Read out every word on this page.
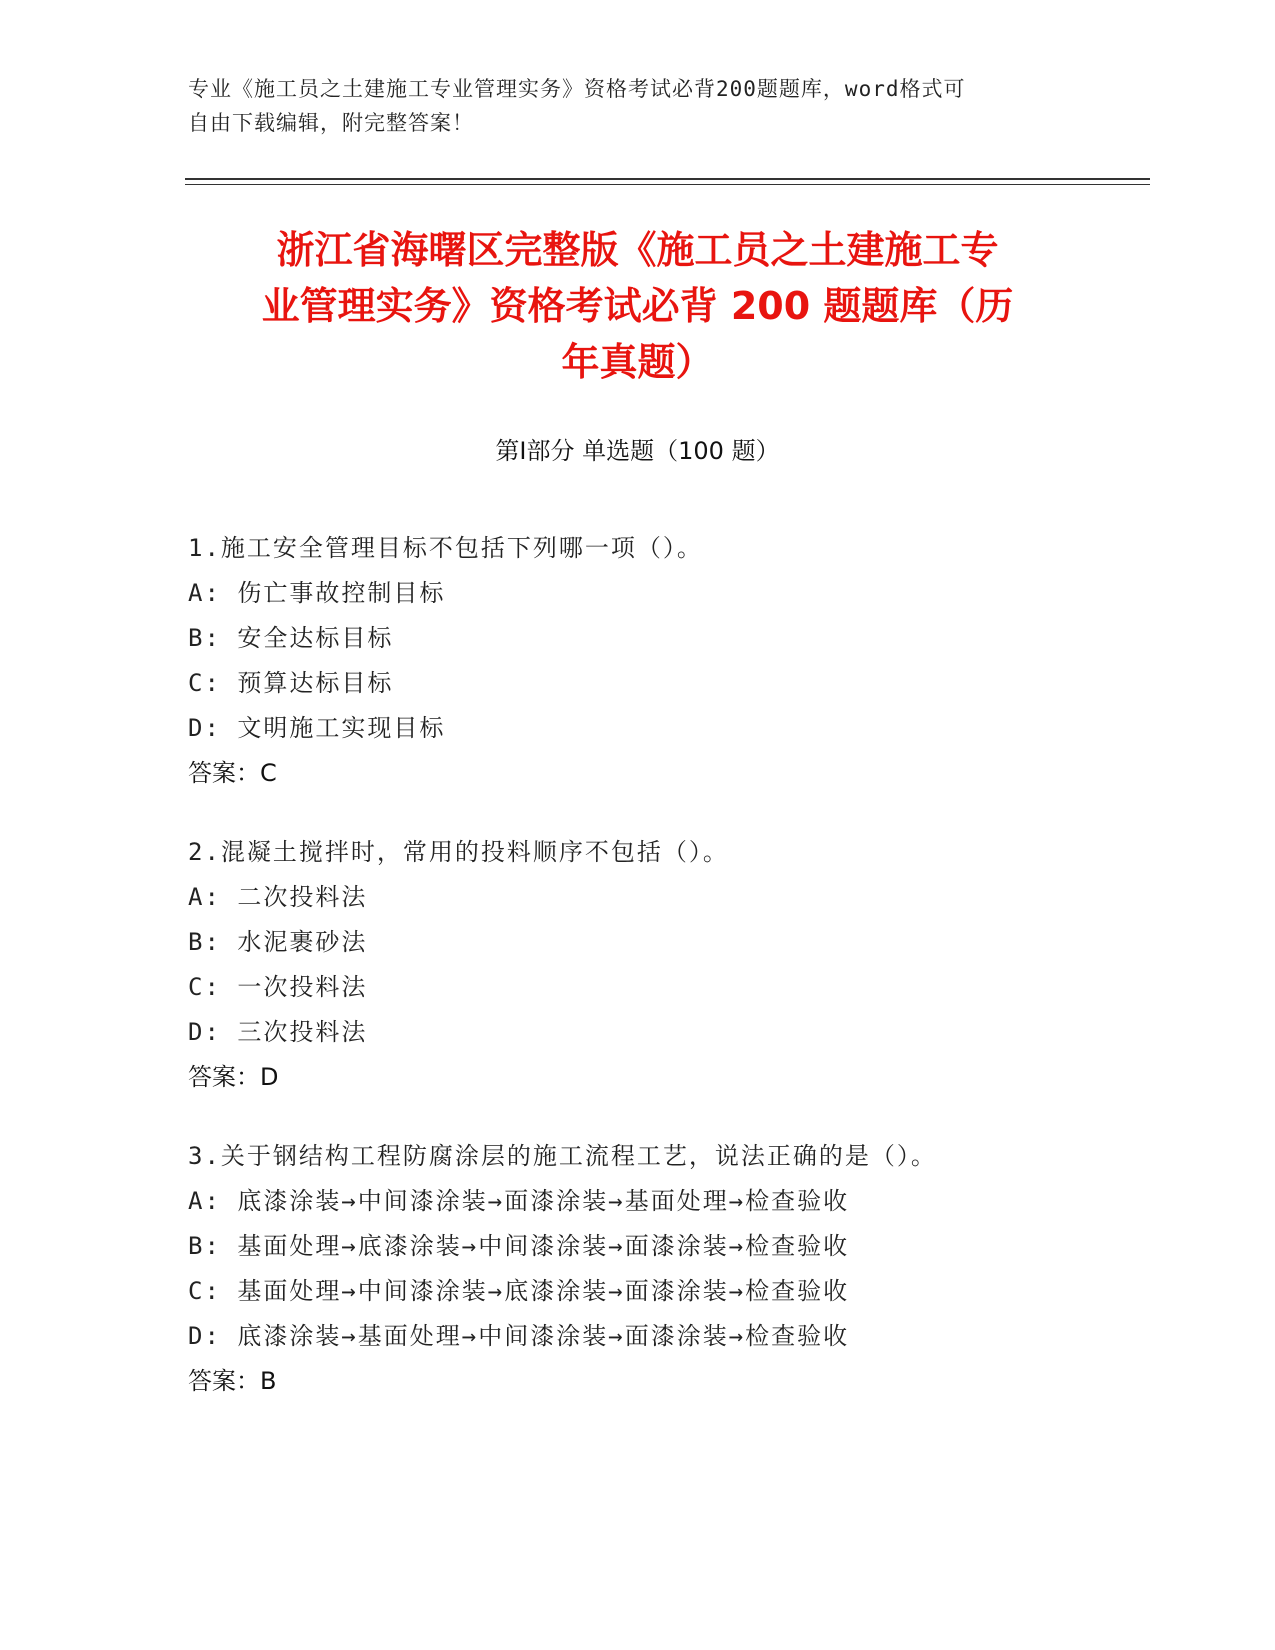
专业《施工员之土建施工专业管理实务》资格考试必背200题题库，word格式可
自由下载编辑，附完整答案！
浙江省海曙区完整版《施工员之土建施工专
业管理实务》资格考试必背 200 题题库（历
年真题）
第Ⅰ部分 单选题（100 题）
1.施工安全管理目标不包括下列哪一项（）。
A: 伤亡事故控制目标
B: 安全达标目标
C: 预算达标目标
D: 文明施工实现目标
答案：C
2.混凝土搅拌时，常用的投料顺序不包括（）。
A: 二次投料法
B: 水泥裹砂法
C: 一次投料法
D: 三次投料法
答案：D
3.关于钢结构工程防腐涂层的施工流程工艺，说法正确的是（）。
A: 底漆涂装→中间漆涂装→面漆涂装→基面处理→检查验收
B: 基面处理→底漆涂装→中间漆涂装→面漆涂装→检查验收
C: 基面处理→中间漆涂装→底漆涂装→面漆涂装→检查验收
D: 底漆涂装→基面处理→中间漆涂装→面漆涂装→检查验收
答案：B
